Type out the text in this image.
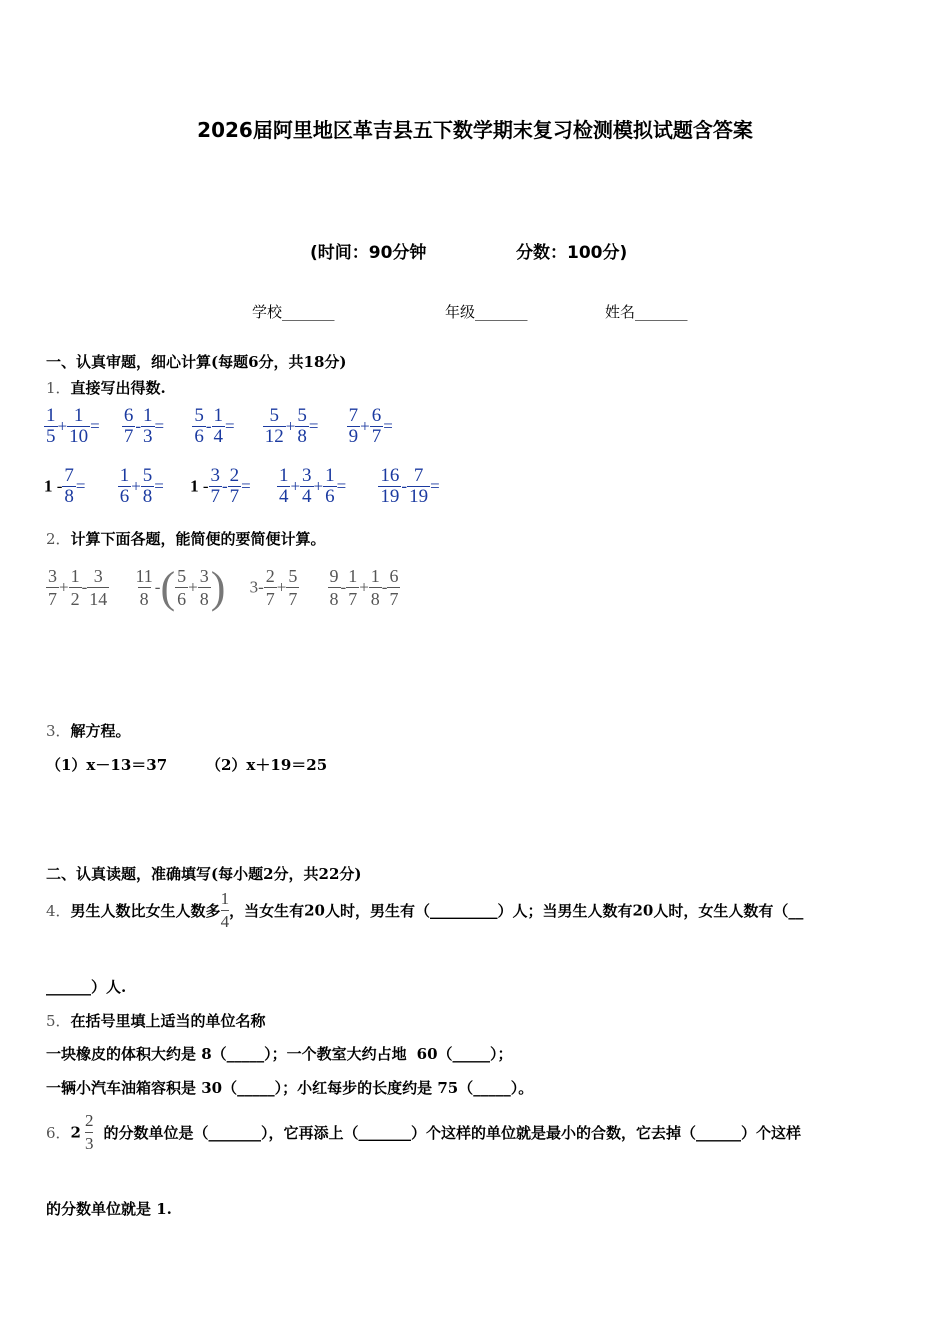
2026届阿里地区革吉县五下数学期末复习检测模拟试题含答案
(时间：90分钟	分数：100分)
学校_______	年级_______	姓名_______
一、认真审题，细心计算(每题6分，共18分)
1．直接写出得数.
$\frac{1}{5} + \frac{1}{10} = \frac{6}{7} - \frac{1}{3} = \frac{5}{6} - \frac{1}{4} = \frac{5}{12} + \frac{5}{8} = \frac{7}{9} + \frac{6}{7}$ =
$1 - \frac{7}{8} = \frac{1}{6} + \frac{5}{8} = 1 - \frac{3}{7} - \frac{2}{7} = \frac{1}{4} + \frac{3}{4} + \frac{1}{6} = \frac{16}{19} - \frac{7}{19}$ =
2．计算下面各题，能简便的要简便计算。
$\frac{3}{7} + \frac{1}{2} - \frac{3}{14}$
$\frac{11}{8}$ -( $\frac{5}{6} + \frac{3}{8}$ ) $3- \frac{2}{7} + \frac{5}{7}$
$\frac{9}{8} - \frac{1}{7} + \frac{1}{8} - \frac{6}{7}$
3．解方程。
（1）x－13＝37	（2）x＋19＝25
二、认真读题，准确填写(每小题2分，共22分)
4．男生人数比女生人数多 $\frac{1}{4}$ ，当女生有20人时，男生有（_________）人；当男生人数有20人时，女生人数有（__
______）人.
5．在括号里填上适当的单位名称
一块橡皮的体积大约是 8（_____）；一个教室大约占地 60（_____）；
一辆小汽车油箱容积是 30（_____）；小红每步的长度约是 75（_____）。
6．$2 \frac{2}{3}$ 的分数单位是（_______），它再添上（_______）个这样的单位就是最小的合数，它去掉（______）个这样
的分数单位就是 1.
